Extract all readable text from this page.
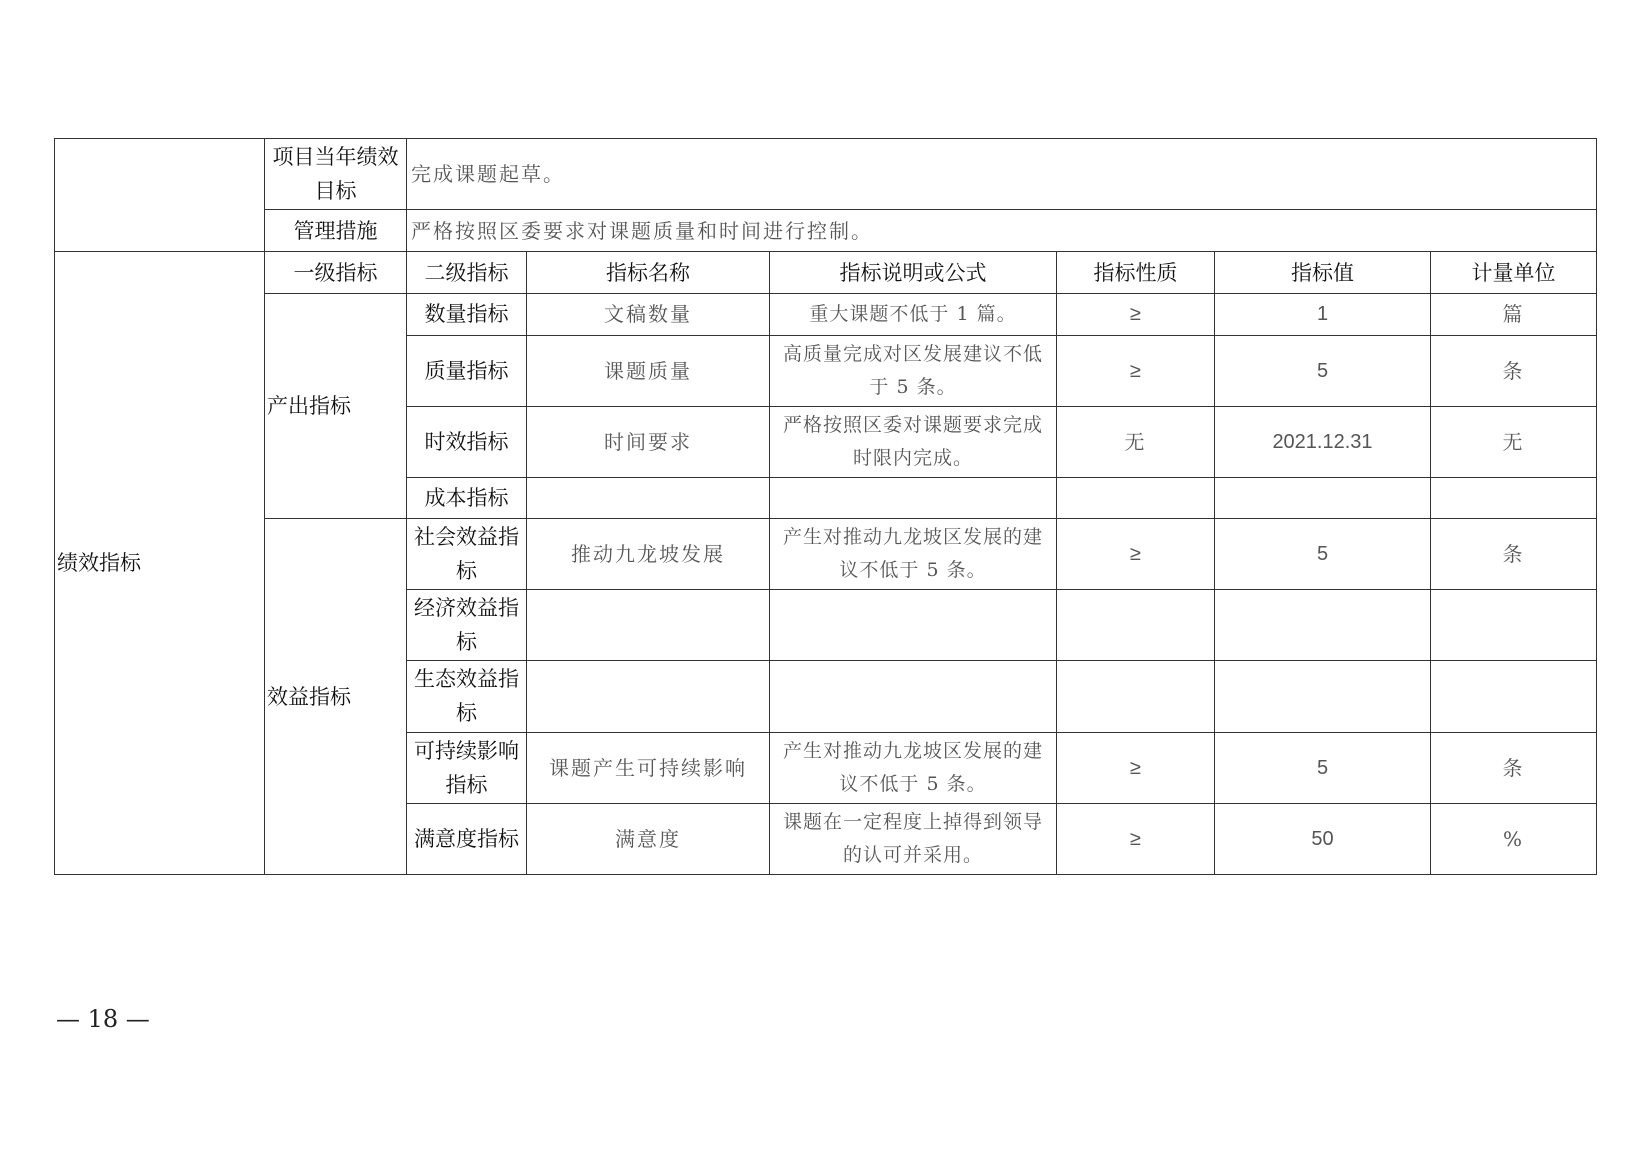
	项目当年绩效目标	完成课题起草。					
	管理措施	严格按照区委要求对课题质量和时间进行控制。					
绩效指标	一级指标	二级指标	指标名称	指标说明或公式	指标性质	指标值	计量单位
	产出指标	数量指标	文稿数量	重大课题不低于 1 篇。	≥	1	篇
		质量指标	课题质量	高质量完成对区发展建议不低于 5 条。	≥	5	条
		时效指标	时间要求	严格按照区委对课题要求完成时限内完成。	无	2021.12.31	无
		成本指标					
	效益指标	社会效益指标	推动九龙坡发展	产生对推动九龙坡区发展的建议不低于 5 条。	≥	5	条
		经济效益指标					
		生态效益指标					
		可持续影响指标	课题产生可持续影响	产生对推动九龙坡区发展的建议不低于 5 条。	≥	5	条
		满意度指标	满意度	课题在一定程度上掉得到领导的认可并采用。	≥	50	%
— 18 —
